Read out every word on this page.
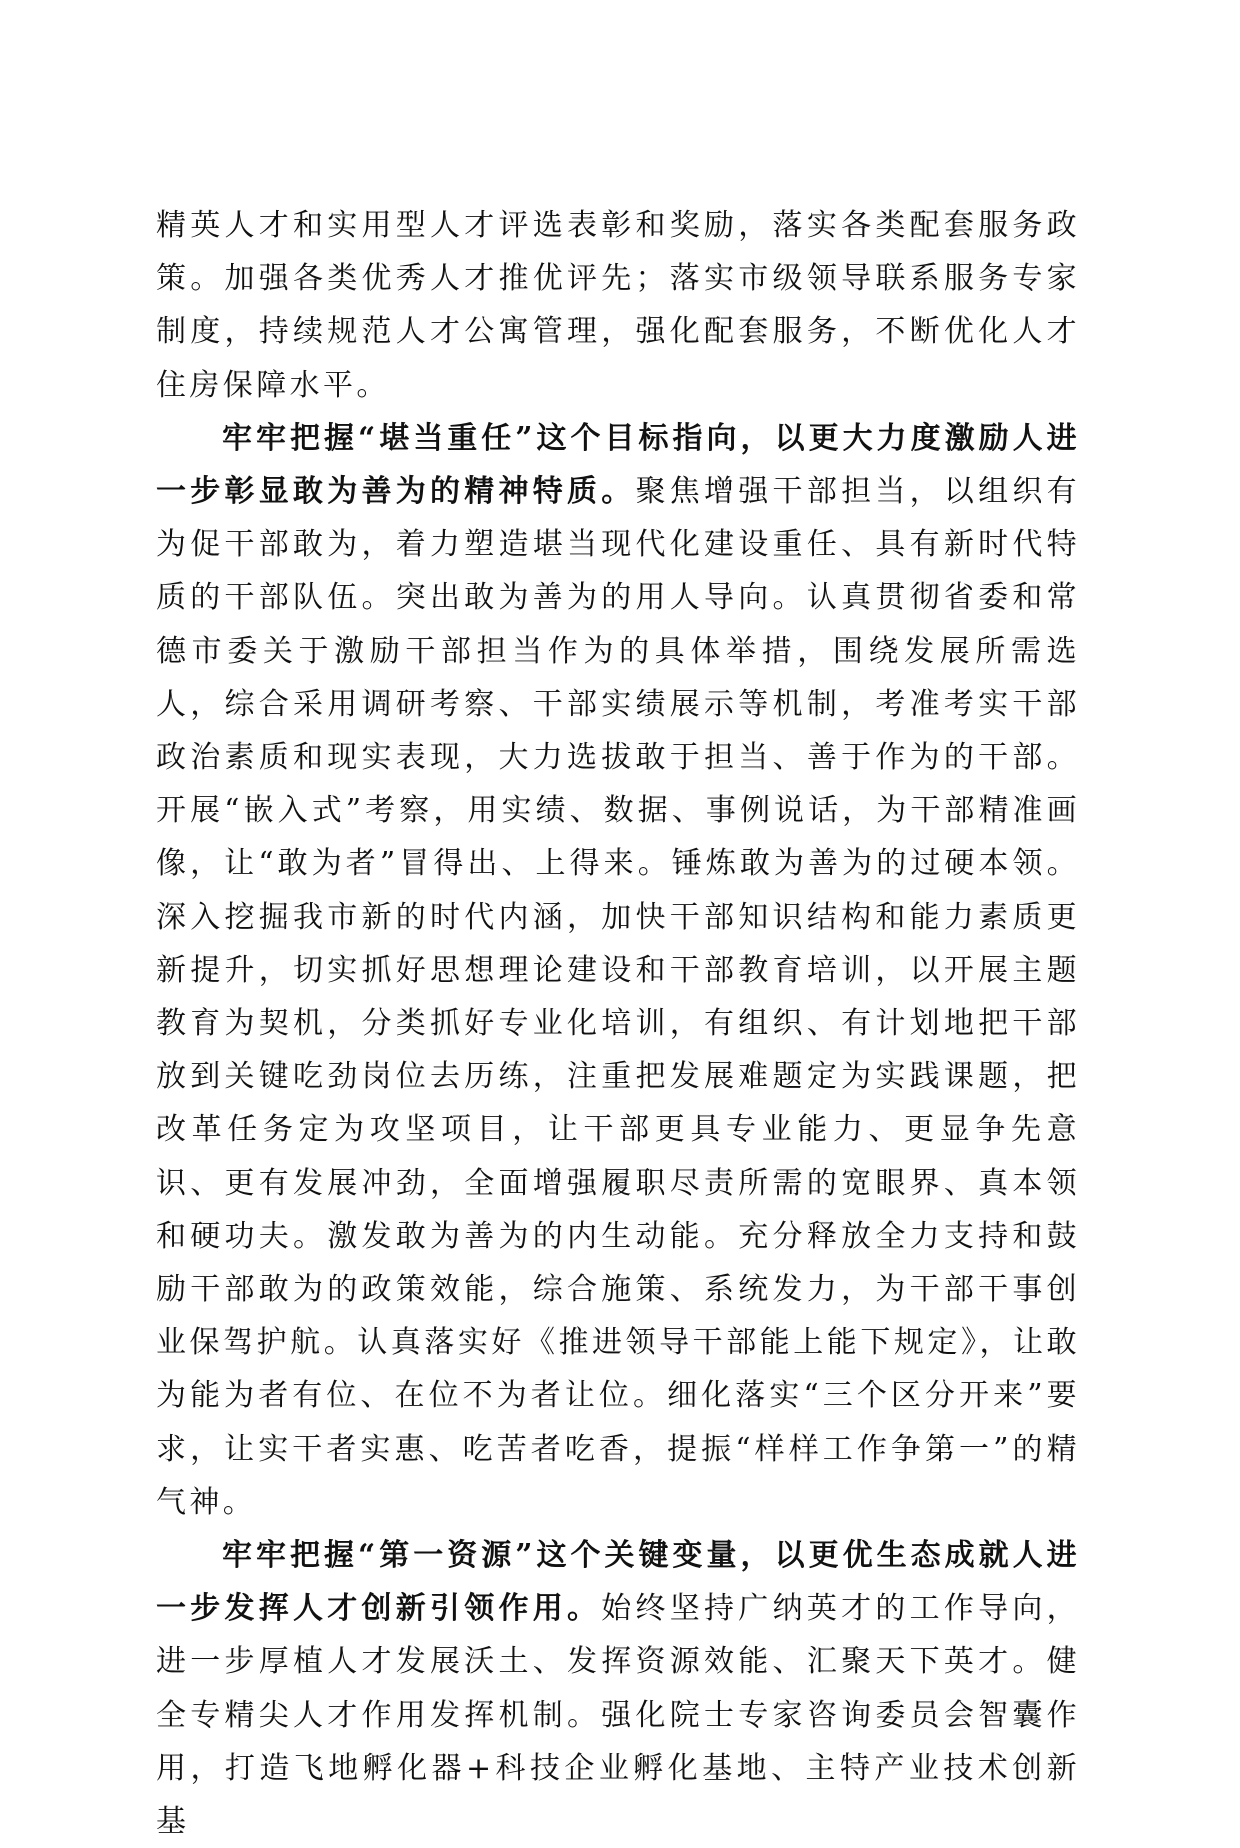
精英人才和实用型人才评选表彰和奖励，落实各类配套服务政策。加强各类优秀人才推优评先；落实市级领导联系服务专家制度，持续规范人才公寓管理，强化配套服务，不断优化人才住房保障水平。

牢牢把握“堪当重任”这个目标指向，以更大力度激励人进一步彰显敢为善为的精神特质。聚焦增强干部担当，以组织有为促干部敢为，着力塑造堪当现代化建设重任、具有新时代特质的干部队伍。突出敢为善为的用人导向。认真贯彻省委和常德市委关于激励干部担当作为的具体举措，围绕发展所需选人，综合采用调研考察、干部实绩展示等机制，考准考实干部政治素质和现实表现，大力选拔敢于担当、善于作为的干部。开展“嵌入式”考察，用实绩、数据、事例说话，为干部精准画像，让“敢为者”冒得出、上得来。锤炼敢为善为的过硬本领。深入挖掘我市新的时代内涵，加快干部知识结构和能力素质更新提升，切实抓好思想理论建设和干部教育培训，以开展主题教育为契机，分类抓好专业化培训，有组织、有计划地把干部放到关键吃劲岗位去历练，注重把发展难题定为实践课题，把改革任务定为攻坚项目，让干部更具专业能力、更显争先意识、更有发展冲劲，全面增强履职尽责所需的宽眼界、真本领和硬功夫。激发敢为善为的内生动能。充分释放全力支持和鼓励干部敢为的政策效能，综合施策、系统发力，为干部干事创业保驾护航。认真落实好《推进领导干部能上能下规定》，让敢为能为者有位、在位不为者让位。细化落实“三个区分开来”要求，让实干者实惠、吃苦者吃香，提振“样样工作争第一”的精气神。

牢牢把握“第一资源”这个关键变量，以更优生态成就人进一步发挥人才创新引领作用。始终坚持广纳英才的工作导向，进一步厚植人才发展沃土、发挥资源效能、汇聚天下英才。健全专精尖人才作用发挥机制。强化院士专家咨询委员会智囊作用，打造飞地孵化器+科技企业孵化基地、主特产业技术创新基
